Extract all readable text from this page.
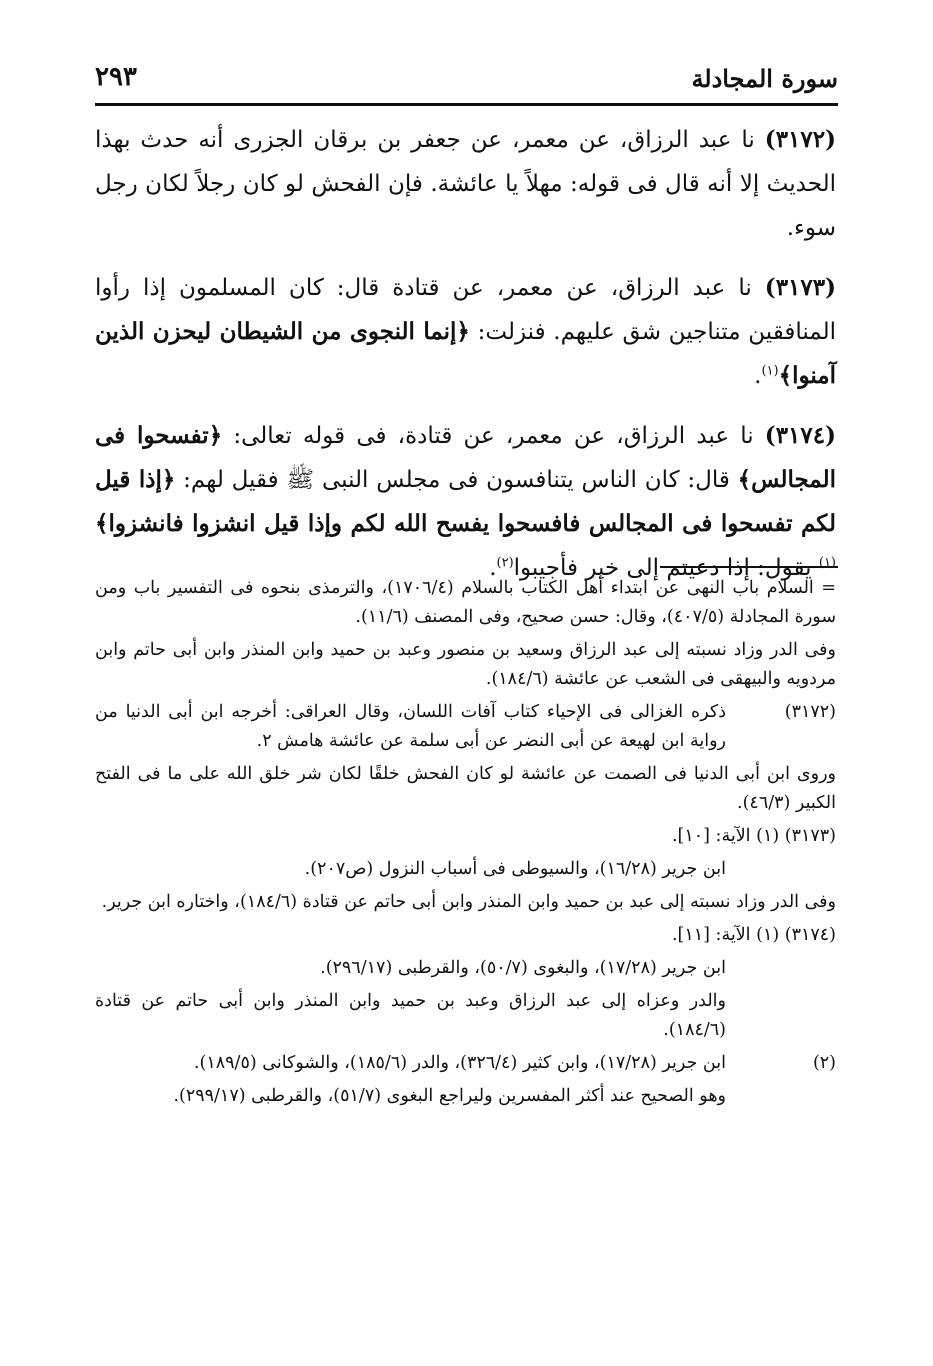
سورة المجادلة
٢٩٣

(٣١٧٢) نا عبد الرزاق، عن معمر، عن جعفر بن برقان الجزرى أنه حدث بهذا الحديث إلا أنه قال فى قوله: مهلاً يا عائشة. فإن الفحش لو كان رجلاً لكان رجل سوء.

(٣١٧٣) نا عبد الرزاق، عن معمر، عن قتادة قال: كان المسلمون إذا رأوا المنافقين متناجين شق عليهم. فنزلت: ﴿إنما النجوى من الشيطان ليحزن الذين آمنوا﴾$^{(١)}$.

(٣١٧٤) نا عبد الرزاق، عن معمر، عن قتادة، فى قوله تعالى: ﴿تفسحوا فى المجالس﴾ قال: كان الناس يتنافسون فى مجلس النبى ﷺ فقيل لهم: ﴿إذا قيل لكم تفسحوا فى المجالس فافسحوا يفسح الله لكم وإذا قيل انشزوا فانشزوا﴾$^{(١)}$ يقول: إذا دعيتم إلى خير فأجيبوا$^{(٢)}$.

= السلام باب النهى عن ابتداء أهل الكتاب بالسلام (١٧٠٦/٤)، والترمذى بنحوه فى التفسير باب ومن سورة المجادلة (٤٠٧/٥)، وقال: حسن صحيح، وفى المصنف (١١/٦).

وفى الدر وزاد نسبته إلى عبد الرزاق وسعيد بن منصور وعبد بن حميد وابن المنذر وابن أبى حاتم وابن مردويه والبيهقى فى الشعب عن عائشة (١٨٤/٦).

(٣١٧٢)
ذكره الغزالى فى الإحياء كتاب آفات اللسان، وقال العراقى: أخرجه ابن أبى الدنيا من رواية ابن لهيعة عن أبى النضر عن أبى سلمة عن عائشة هامش ٢.

وروى ابن أبى الدنيا فى الصمت عن عائشة لو كان الفحش خلقًا لكان شر خلق الله على ما فى الفتح الكبير (٤٦/٣).

(٣١٧٣) (١) الآية: [١٠].

ابن جرير (١٦/٢٨)، والسيوطى فى أسباب النزول (ص٢٠٧).

وفى الدر وزاد نسبته إلى عبد بن حميد وابن المنذر وابن أبى حاتم عن قتادة (١٨٤/٦)، واختاره ابن جرير.

(٣١٧٤) (١) الآية: [١١].

ابن جرير (١٧/٢٨)، والبغوى (٥٠/٧)، والقرطبى (٢٩٦/١٧).

والدر وعزاه إلى عبد الرزاق وعبد بن حميد وابن المنذر وابن أبى حاتم عن قتادة (١٨٤/٦).

(٢)
ابن جرير (١٧/٢٨)، وابن كثير (٣٢٦/٤)، والدر (١٨٥/٦)، والشوكانى (١٨٩/٥).

وهو الصحيح عند أكثر المفسرين وليراجع البغوى (٥١/٧)، والقرطبى (٢٩٩/١٧).
